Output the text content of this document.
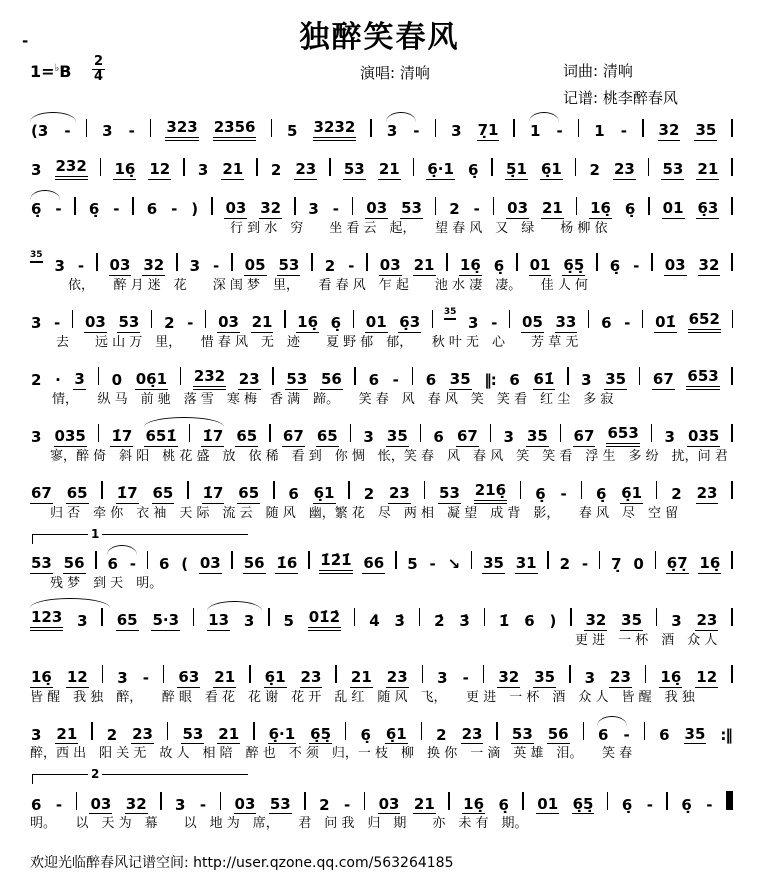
-	独醉笑春风
$1=^♭B \frac{2}{4}$	演唱: 清响	词曲: 清响
记谱: 桃李醉春风
(3 - 3 - 323 2356 5 3232 3 - 3 7̣1 1 - 1 - 32 35
3 232 16̣ 12 3 21 2 23 53 21 6̣·1 6̣ 5̣1 6̣1 2 23 53 21
6̣ - 6̣ - 6 - ) 03 32 3 - 03 53 2 - 03 21 16̣ 6̣ 01 6̣3
行 到 水　穷　　坐 看 云　起，　　望 春 风　又　绿　　杨 柳 依
35
3 - 03 32 3 - 05 53 2 - 03 21 16̣ 6̣ 01 6̣5̣ 6̣ - 03 32
依，　　醉 月 迷　花　　深 闺 梦　里，　　看 春 风　乍 起　　池 水 凄　凄。　　佳 人 何
3 - 03 53 2 - 03 21 16̣ 6̣ 01 6̣3
35
3 - 05 33 6 - 01̇ 652
去　　远 山 万　里，　　惜 春 风　无　迹　　夏 野 郁　郁，　　秋 叶 无　心　　芳 草 无
2 · 3 0 06̣1 232 23 53 56 6 - 6 35 ‖: 6 61̇ 3 35 67 653
情，　　纵 马　前 驰　落 雪　寒 梅　香 满　蹄。　　笑 春　风　春 风　笑　笑 看　红 尘　多 寂
3 035 1̇7 651̇ 1̇7 65 67 65 3 35 6 67 3 35 67 653 3 035
寥，醉 倚　斜 阳　桃 花 盛　放　依 稀　看 到　你 惆　怅，笑 春　风　春 风　笑　笑 看　浮 生　多 纷　扰，问 君
67 65 1̇7 65 1̇7 65 6 6̣1 2 23 53 216̣ 6̣ - 6̣ 6̣1 2 23
归 否　牵 你　衣 袖　天 际　流 云　随 风　幽，繁 花　尽　两 相　凝 望　成 背　影，　　春 风　尽　空 留
1
53 56 6 - 6 ( 03 56 1̇6 1̇2̇1̇ 66 5 - ↘ 35 31 2 - 7̣ 0 6̣7̣ 16̣
残 梦　到 天　明。
123 3 65 5·3 13 3 5 01̇2̇ 4̇ 3̇ 2̇ 3̇ 1̇ 6 ) 32 35 3 23
更 进　一 杯　酒　众 人
16̣ 12 3 - 63 21 6̣1 23 21 23 3 - 32 35 3 23 16̣ 12
皆 醒　我 独　醉，　　醉 眼　看 花　花 谢　花 开　乱 红　随 风　飞，　　更 进　一 杯　酒　众 人　皆 醒　我 独
3 21 2 23 53 21 6̣·1 6̣5̣ 6̣ 6̣1 2 23 53 56 6 - 6 35 :‖
醉，西 出　阳 关 无　故 人　相 陪　醉 也　不 须　归，一 枝　柳　换 你　一 滴　英 雄　泪。　　笑 春
2
6 - 03 32 3 - 03 53 2 - 03 21 16̣ 6̣ 01 6̣5̣ 6̣ - 6̣ -
明。　　以　天 为　幕　　以　地 为　席，　　君　问 我　归　期　　亦　未 有　期。
欢迎光临醉春风记谱空间: http://user.qzone.qq.com/563264185
